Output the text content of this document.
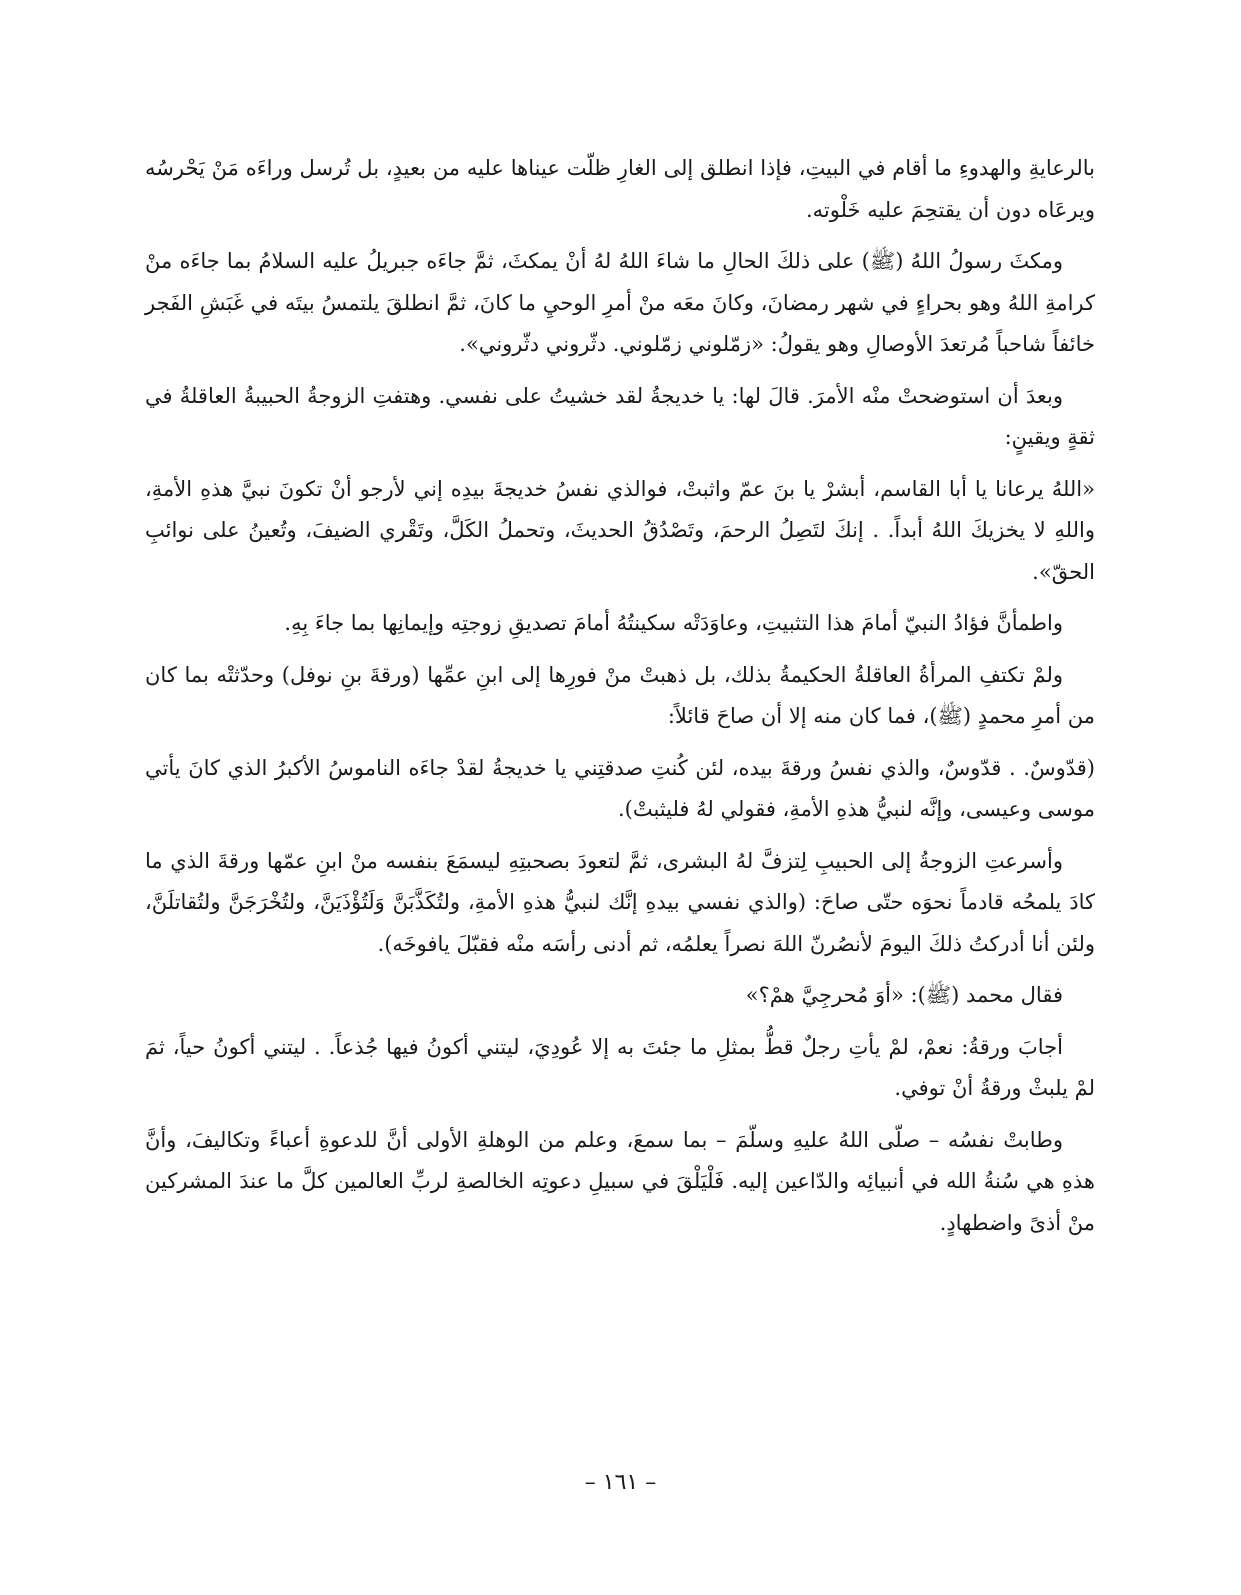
بالرعايةِ والهدوءِ ما أقام في البيتِ، فإذا انطلق إلى الغارِ ظلّت عيناها عليه من بعيدٍ، بل تُرسل وراءَه مَنْ يَحْرسُه ويرعَاه دون أن يقتحِمَ عليه خَلْوته.

ومكثَ رسولُ اللهُ (ﷺ) على ذلكَ الحالِ ما شاءَ اللهُ لهُ أنْ يمكثَ، ثمَّ جاءَه جبريلُ عليه السلامُ بما جاءَه منْ كرامةِ اللهُ وهو بحراءٍ في شهر رمضانَ، وكانَ معَه منْ أمرِ الوحيِ ما كانَ، ثمَّ انطلقَ يلتمسُ بيتَه في غَبَشِ الفَجر خائفاً شاحباً مُرتعدَ الأوصالِ وهو يقولُ: «زمّلوني زمّلوني. دثّروني دثّروني».

وبعدَ أن استوضحتْ منْه الأمرَ. قالَ لها: يا خديجةُ لقد خشيتُ على نفسي. وهتفتِ الزوجةُ الحبيبةُ العاقلةُ في ثقةٍ ويقينٍ:

«اللهُ يرعانا يا أبا القاسم، أبشرْ يا بنَ عمّ واثبتْ، فوالذي نفسُ خديجةَ بيدِه إني لأرجو أنْ تكونَ نبيَّ هذهِ الأمةِ، واللهِ لا يخزيكَ اللهُ أبداً. . إنكَ لتَصِلُ الرحمَ، وتَصْدُقُ الحديثَ، وتحملُ الكَلَّ، وتَقْري الضيفَ، وتُعينُ على نوائبِ الحقّ».

واطمأنَّ فؤادُ النبيّ أمامَ هذا التثبيتِ، وعاوَدَتْه سكينتُهُ أمامَ تصديقِ زوجتِه وإيمانِها بما جاءَ بِهِ.

ولمْ تكتفِ المرأةُ العاقلةُ الحكيمةُ بذلك، بل ذهبتْ منْ فورِها إلى ابنِ عمِّها (ورقةَ بنِ نوفل) وحدّثتْه بما كان من أمرِ محمدٍ (ﷺ)، فما كان منه إلا أن صاحَ قائلاً:

(قدّوسٌ. . قدّوسٌ، والذي نفسُ ورقةَ بيده، لئن كُنتِ صدقتِني يا خديجةُ لقدْ جاءَه الناموسُ الأكبرُ الذي كانَ يأتي موسى وعيسى، وإنَّه لنبيُّ هذهِ الأمةِ، فقولي لهُ فليثبتْ).

وأسرعتِ الزوجةُ إلى الحبيبِ لِتزفَّ لهُ البشرى، ثمَّ لتعودَ بصحبتِهِ ليسمَعَ بنفسه منْ ابنِ عمّها ورقةَ الذي ما كادَ يلمحُه قادماً نحوَه حتّى صاحَ: (والذي نفسي بيدهِ إنَّك لنبيُّ هذهِ الأمةِ، ولتُكَذَّبَنَّ وَلَتُؤْذَيَنَّ، ولتُخْرَجَنَّ ولتُقاتلَنَّ، ولئن أنا أدركتُ ذلكَ اليومَ لأنصُرنّ اللهَ نصراً يعلمُه، ثم أدنى رأسَه منْه فقبّلَ يافوخَه).

فقال محمد (ﷺ): «أوَ مُحرجِيَّ همْ؟»

أجابَ ورقةُ: نعمْ، لمْ يأتِ رجلٌ قطُّ بمثلِ ما جئتَ به إلا عُودِيَ، ليتني أكونُ فيها جُذعاً. . ليتني أكونُ حياً، ثمَ لمْ يلبثْ ورقةُ أنْ توفي.

وطابتْ نفسُه – صلّى اللهُ عليهِ وسلّمَ – بما سمعَ، وعلم من الوهلةِ الأولى أنَّ للدعوةِ أعباءً وتكاليفَ، وأنَّ هذهِ هي سُنةُ الله في أنبيائِه والدّاعين إليه. فَلْيَلْقَ في سبيلِ دعوتِه الخالصةِ لربِّ العالمين كلَّ ما عندَ المشركين منْ أذىً واضطهادٍ.

– ١٦١ –
